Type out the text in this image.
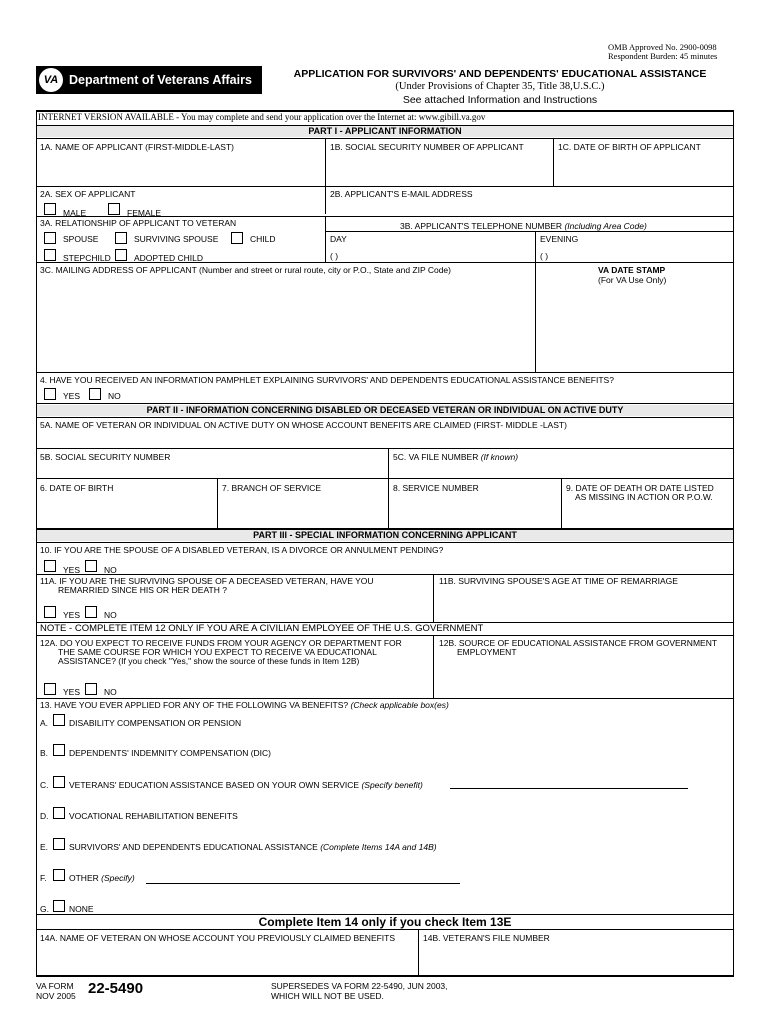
OMB Approved No. 2900-0098
Respondent Burden: 45 minutes
VA Department of Veterans Affairs	APPLICATION FOR SURVIVORS' AND DEPENDENTS' EDUCATIONAL ASSISTANCE
(Under Provisions of Chapter 35, Title 38,U.S.C.)
See attached Information and Instructions
INTERNET VERSION AVAILABLE - You may complete and send your application over the Internet at: www.gibill.va.gov
PART I - APPLICANT INFORMATION
1A. NAME OF APPLICANT (FIRST-MIDDLE-LAST)	1B. SOCIAL SECURITY NUMBER OF APPLICANT	1C. DATE OF BIRTH OF APPLICANT
2A. SEX OF APPLICANT	2B. APPLICANT'S E-MAIL ADDRESS
MALE	FEMALE
3A. RELATIONSHIP OF APPLICANT TO VETERAN	3B. APPLICANT'S TELEPHONE NUMBER (Including Area Code)
DAY	EVENING
( )	( )
SPOUSE	SURVIVING SPOUSE	CHILD
STEPCHILD	ADOPTED CHILD
3C. MAILING ADDRESS OF APPLICANT (Number and street or rural route, city or P.O., State and ZIP Code)	VA DATE STAMP
(For VA Use Only)
4. HAVE YOU RECEIVED AN INFORMATION PAMPHLET EXPLAINING SURVIVORS' AND DEPENDENTS EDUCATIONAL ASSISTANCE BENEFITS?
YES	NO
PART II - INFORMATION CONCERNING DISABLED OR DECEASED VETERAN OR INDIVIDUAL ON ACTIVE DUTY
5A. NAME OF VETERAN OR INDIVIDUAL ON ACTIVE DUTY ON WHOSE ACCOUNT BENEFITS ARE CLAIMED (FIRST- MIDDLE -LAST)
5B. SOCIAL SECURITY NUMBER	5C. VA FILE NUMBER (If known)
6. DATE OF BIRTH	7. BRANCH OF SERVICE	8. SERVICE NUMBER	9. DATE OF DEATH OR DATE LISTED
AS MISSING IN ACTION OR P.O.W.
PART III - SPECIAL INFORMATION CONCERNING APPLICANT
10. IF YOU ARE THE SPOUSE OF A DISABLED VETERAN, IS A DIVORCE OR ANNULMENT PENDING?
YES	NO
11A. IF YOU ARE THE SURVIVING SPOUSE OF A DECEASED VETERAN, HAVE YOU
REMARRIED SINCE HIS OR HER DEATH ?
11B. SURVIVING SPOUSE'S AGE AT TIME OF REMARRIAGE
YES	NO
NOTE - COMPLETE ITEM 12 ONLY IF YOU ARE A CIVILIAN EMPLOYEE OF THE U.S. GOVERNMENT
12A. DO YOU EXPECT TO RECEIVE FUNDS FROM YOUR AGENCY OR DEPARTMENT FOR
THE SAME COURSE FOR WHICH YOU EXPECT TO RECEIVE VA EDUCATIONAL
ASSISTANCE? (If you check "Yes," show the source of these funds in Item 12B)
12B. SOURCE OF EDUCATIONAL ASSISTANCE FROM GOVERNMENT
EMPLOYMENT
YES	NO
13. HAVE YOU EVER APPLIED FOR ANY OF THE FOLLOWING VA BENEFITS? (Check applicable box(es)
A. DISABILITY COMPENSATION OR PENSION
B. DEPENDENTS' INDEMNITY COMPENSATION (DIC)
C. VETERANS' EDUCATION ASSISTANCE BASED ON YOUR OWN SERVICE (Specify benefit)
D. VOCATIONAL REHABILITATION BENEFITS
E. SURVIVORS' AND DEPENDENTS EDUCATIONAL ASSISTANCE (Complete Items 14A and 14B)
F.	OTHER (Specify)
G. NONE
Complete Item 14 only if you check Item 13E
14A. NAME OF VETERAN ON WHOSE ACCOUNT YOU PREVIOUSLY CLAIMED BENEFITS	14B. VETERAN'S FILE NUMBER
VA FORM
NOV 2005 22-5490	SUPERSEDES VA FORM 22-5490, JUN 2003,
WHICH WILL NOT BE USED.
